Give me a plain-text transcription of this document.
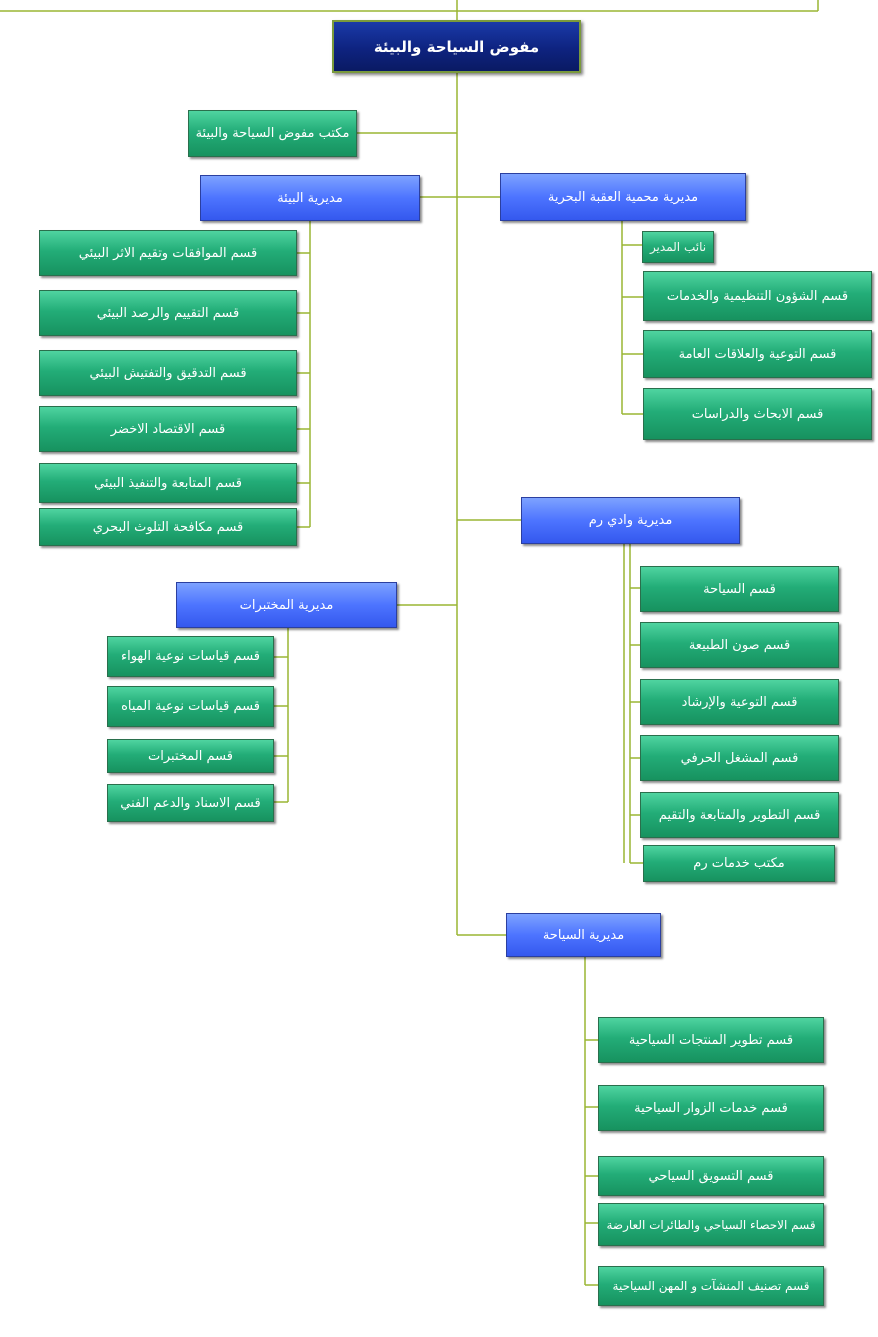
مفوض السياحة والبيئة
مكتب مفوض السياحة والبيئة
مديرية البيئة
قسم الموافقات وتقيم الاثر البيئي
قسم التقييم والرصد البيئي
قسم التدقيق والتفتيش البيئي
قسم الاقتصاد الاخضر
قسم المتابعة والتنفيذ البيئي
قسم مكافحة التلوث البحري
مديرية محمية العقبة البحرية
نائب المدير
قسم الشؤون التنظيمية والخدمات
قسم التوعية والعلاقات العامة
قسم الابحاث والدراسات
مديرية وادي رم
قسم السياحة
قسم صون الطبيعة
قسم التوعية والإرشاد
قسم المشغل الحرفي
قسم التطوير والمتابعة والتقيم
مكتب خدمات رم
مديرية المختبرات
قسم قياسات نوعية الهواء
قسم قياسات نوعية المياه
قسم المختبرات
قسم الاسناد والدعم الفني
مديرية السياحة
قسم تطوير المنتجات السياحية
قسم خدمات الزوار السياحية
قسم التسويق السياحي
قسم الاحصاء السياحي والطائرات العارضة
قسم تصنيف المنشآت و المهن السياحية
